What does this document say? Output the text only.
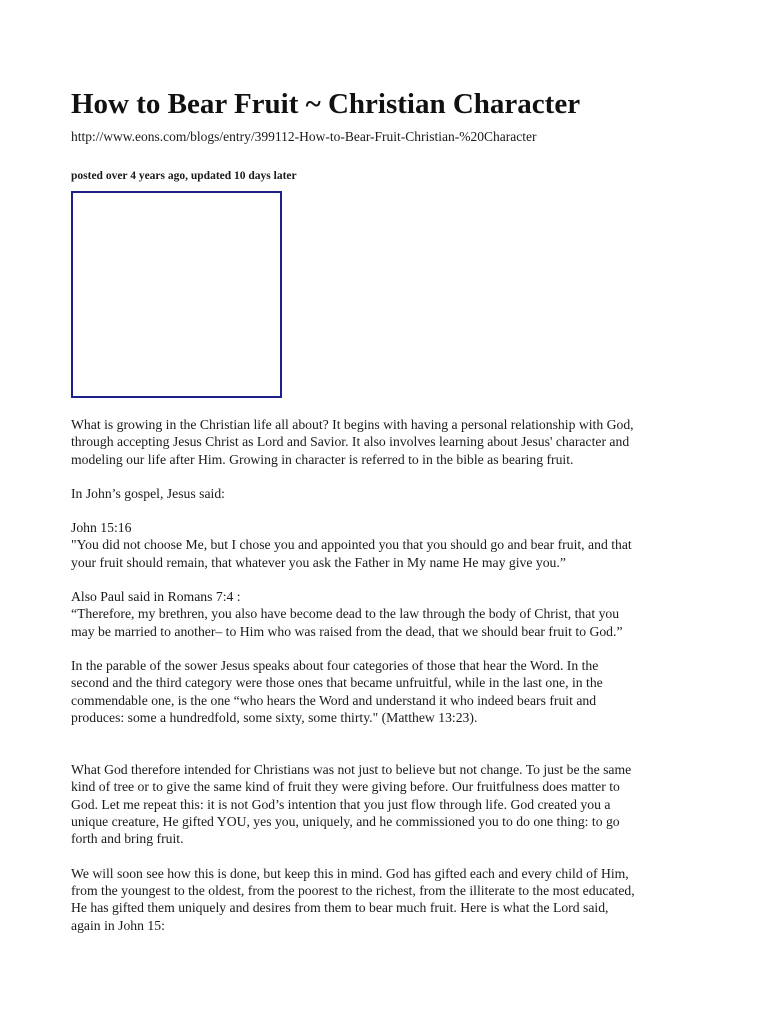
How to Bear Fruit ~ Christian Character
http://www.eons.com/blogs/entry/399112-How-to-Bear-Fruit-Christian-%20Character
posted over 4 years ago, updated 10 days later
What is growing in the Christian life all about? It begins with having a personal relationship with God,
through accepting Jesus Christ as Lord and Savior. It also involves learning about Jesus' character and
modeling our life after Him. Growing in character is referred to in the bible as bearing fruit.
In John’s gospel, Jesus said:
John 15:16
"You did not choose Me, but I chose you and appointed you that you should go and bear fruit, and that
your fruit should remain, that whatever you ask the Father in My name He may give you.”
Also Paul said in Romans 7:4 :
“Therefore, my brethren, you also have become dead to the law through the body of Christ, that you
may be married to another– to Him who was raised from the dead, that we should bear fruit to God.”
In the parable of the sower Jesus speaks about four categories of those that hear the Word. In the
second and the third category were those ones that became unfruitful, while in the last one, in the
commendable one, is the one “who hears the Word and understand it who indeed bears fruit and
produces: some a hundredfold, some sixty, some thirty." (Matthew 13:23).
What God therefore intended for Christians was not just to believe but not change. To just be the same
kind of tree or to give the same kind of fruit they were giving before. Our fruitfulness does matter to
God. Let me repeat this: it is not God’s intention that you just flow through life. God created you a
unique creature, He gifted YOU, yes you, uniquely, and he commissioned you to do one thing: to go
forth and bring fruit.
We will soon see how this is done, but keep this in mind. God has gifted each and every child of Him,
from the youngest to the oldest, from the poorest to the richest, from the illiterate to the most educated,
He has gifted them uniquely and desires from them to bear much fruit. Here is what the Lord said,
again in John 15:
